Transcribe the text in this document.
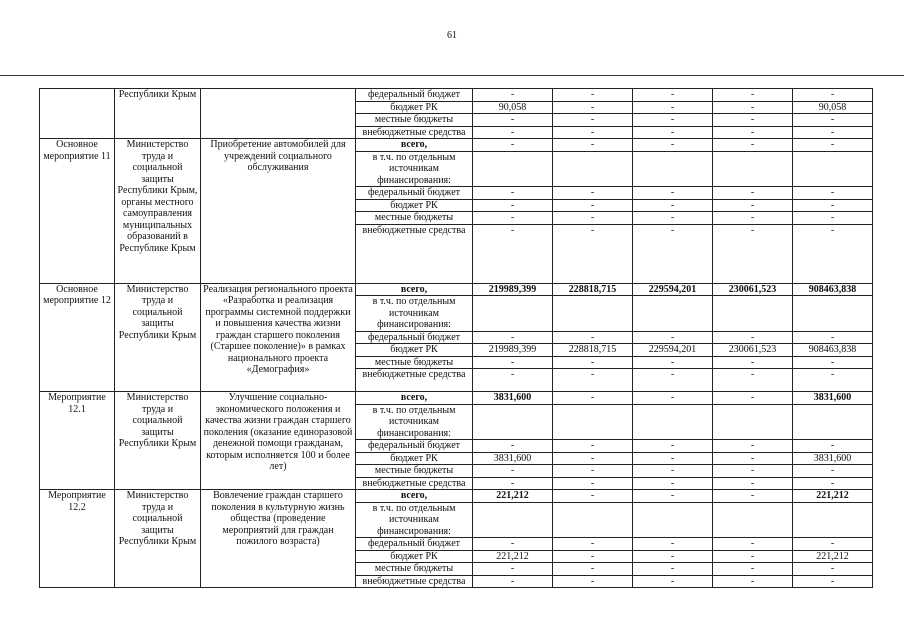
61
	Республики Крым		федеральный бюджет	-	-	-	-	-
			бюджет РК	90,058	-	-	-	90,058
			местные бюджеты	-	-	-	-	-
			внебюджетные средства	-	-	-	-	-
Основное мероприятие 11	Министерство труда и социальной защиты Республики Крым, органы местного самоуправления муниципальных образований в Республике Крым	Приобретение автомобилей для учреждений социального обслуживания	всего,	-	-	-	-	-
			в т.ч. по отдельным источникам финансирования:					
			федеральный бюджет	-	-	-	-	-
			бюджет РК	-	-	-	-	-
			местные бюджеты	-	-	-	-	-
			внебюджетные средства	-	-	-	-	-
Основное мероприятие 12	Министерство труда и социальной защиты Республики Крым	Реализация регионального проекта «Разработка и реализация программы системной поддержки и повышения качества жизни граждан старшего поколения (Старшее поколение)» в рамках национального проекта «Демография»	всего,	219989,399	228818,715	229594,201	230061,523	908463,838
			в т.ч. по отдельным источникам финансирования:					
			федеральный бюджет	-	-	-	-	-
			бюджет РК	219989,399	228818,715	229594,201	230061,523	908463,838
			местные бюджеты	-	-	-	-	-
			внебюджетные средства	-	-	-	-	-
Мероприятие 12.1	Министерство труда и социальной защиты Республики Крым	Улучшение социально-экономического положения и качества жизни граждан старшего поколения (оказание единоразовой денежной помощи гражданам, которым исполняется 100 и более лет)	всего,	3831,600	-	-	-	3831,600
			в т.ч. по отдельным источникам финансирования:					
			федеральный бюджет	-	-	-	-	-
			бюджет РК	3831,600	-	-	-	3831,600
			местные бюджеты	-	-	-	-	-
			внебюджетные средства	-	-	-	-	-
Мероприятие 12.2	Министерство труда и социальной защиты Республики Крым	Вовлечение граждан старшего поколения в культурную жизнь общества (проведение мероприятий для граждан пожилого возраста)	всего,	221,212	-	-	-	221,212
			в т.ч. по отдельным источникам финансирования:					
			федеральный бюджет	-	-	-	-	-
			бюджет РК	221,212	-	-	-	221,212
			местные бюджеты	-	-	-	-	-
			внебюджетные средства	-	-	-	-	-
